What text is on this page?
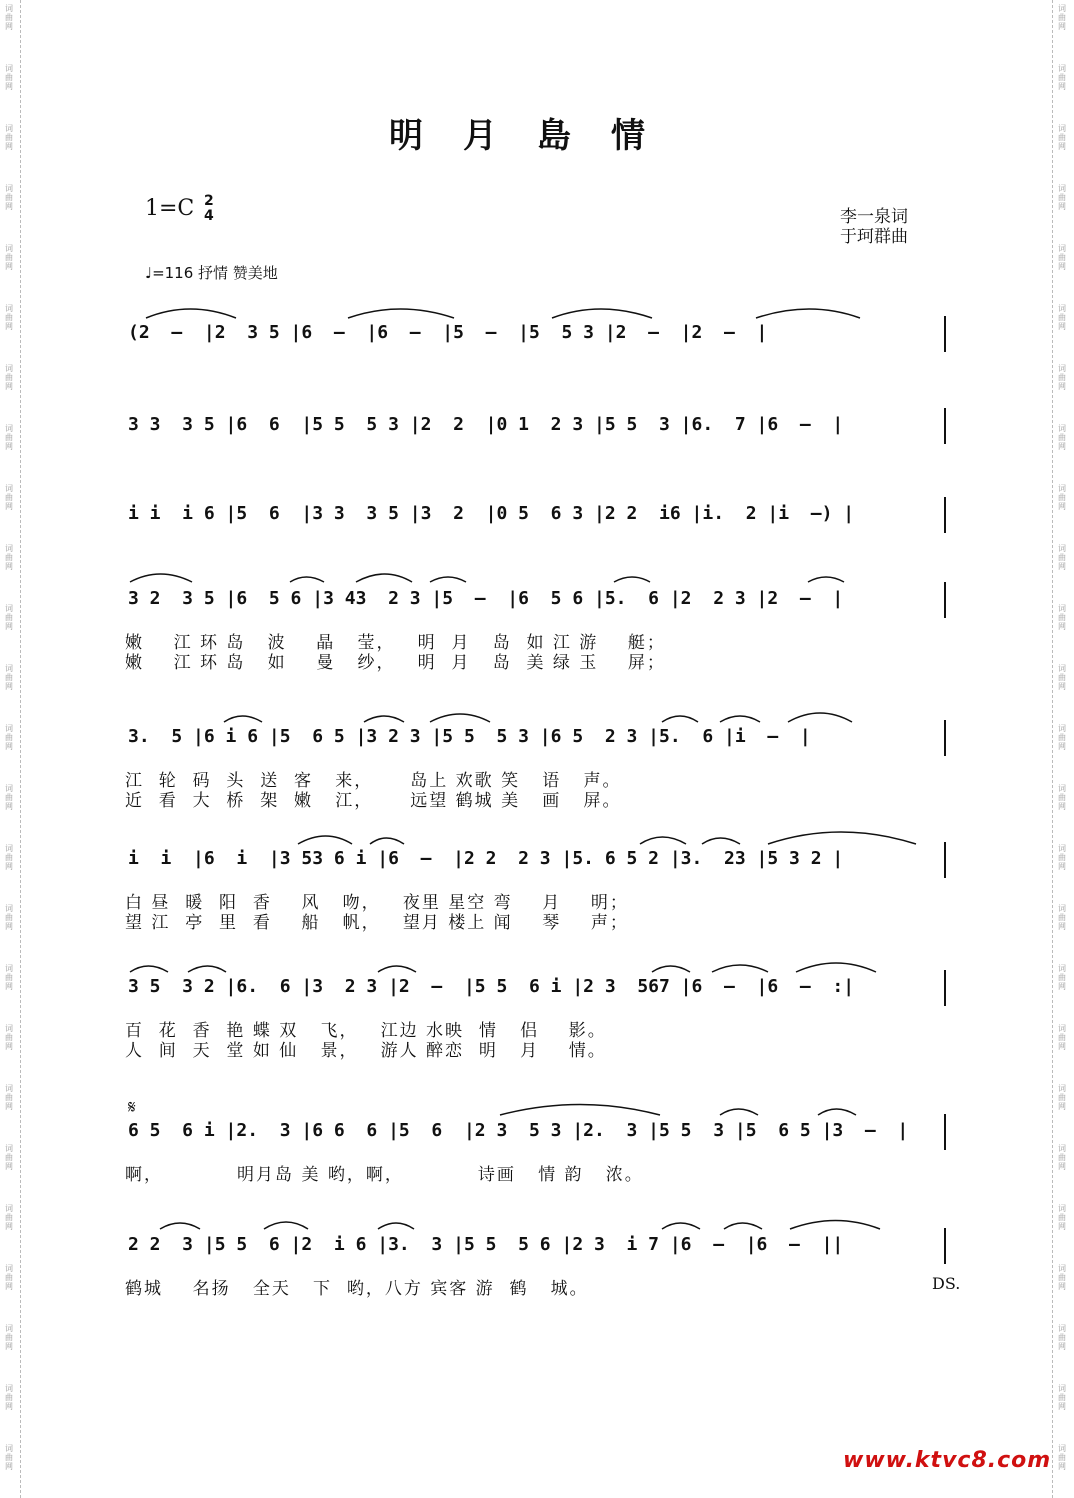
词曲网
词曲网
词曲网
词曲网
词曲网
词曲网
词曲网
词曲网
词曲网
词曲网
词曲网
词曲网
词曲网
词曲网
词曲网
词曲网
词曲网
词曲网
词曲网
词曲网
词曲网
词曲网
词曲网
词曲网
词曲网
词曲网
词曲网
词曲网
词曲网
词曲网
词曲网
词曲网
词曲网
词曲网
词曲网
词曲网
词曲网
词曲网
词曲网
词曲网
词曲网
词曲网
词曲网
词曲网
词曲网
词曲网
词曲网
词曲网
词曲网
词曲网
明月島情
1=C 2
4	李一泉词
于珂群曲
♩=116 抒情 赞美地
(2  –  |2  3 5 |6  –  |6  –  |5  –  |5  5 3 |2  –  |2  –  |
3 3  3 5 |6  6  |5 5  5 3 |2  2  |0 1  2 3 |5 5  3 |6.  7 |6  –  |
i i  i 6 |5  6  |3 3  3 5 |3  2  |0 5  6 3 |2 2  i6 |i.  2 |i  –) |
3 2  3 5 |6  5 6 |3 43  2 3 |5  –  |6  5 6 |5.  6 |2  2 3 |2  –  |
嫩    江 环 岛   波    晶   莹，   明  月   岛  如 江 游    艇；
嫩    江 环 岛   如    曼   纱，   明  月   岛  美 绿 玉    屏；
3.  5 |6 i 6 |5  6 5 |3 2 3 |5 5  5 3 |6 5  2 3 |5.  6 |i  –  |
江  轮  码  头  送  客   来，     岛上 欢歌 笑   语   声。
近  看  大  桥  架  嫩   江，     远望 鹤城 美   画   屏。
i  i  |6  i  |3 53 6 i |6  –  |2 2  2 3 |5. 6 5 2 |3.  23 |5 3 2 |
白 昼  暖  阳  香    风   吻，   夜里 星空 弯    月    明；
望 江  亭  里  看    船   帆，   望月 楼上 闻    琴    声；
3 5  3 2 |6.  6 |3  2 3 |2  –  |5 5  6 i |2 3  567 |6  –  |6  –  :|
百  花  香  艳 蝶 双   飞，   江边 水映  情   侣    影。
人  间  天  堂 如 仙   景，   游人 醉恋  明   月    情。
6 5  6 i |2.  3 |6 6  6 |5  6  |2 3  5 3 |2.  3 |5 5  3 |5  6 5 |3  –  |
啊，          明月岛 美 哟，啊，          诗画   情 韵   浓。
2 2  3 |5 5  6 |2  i 6 |3.  3 |5 5  5 6 |2 3  i 7 |6  –  |6  –  ||
鹤城    名扬   全天   下  哟，八方 宾客 游  鹤   城。
𝄋
DS.
www.ktvc8.com
